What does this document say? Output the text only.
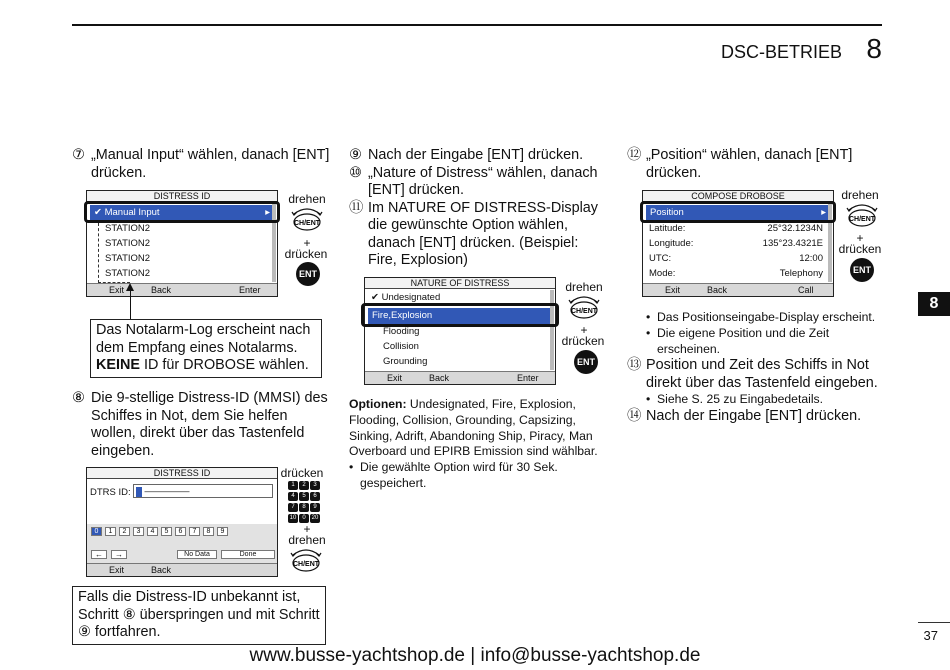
DSC-BETRIEB 8
8
37
www.busse-yachtshop.de | info@busse-yachtshop.de
⑦ „Manual Input“ wählen, danach [ENT] drücken.
DISTRESS ID
✔ Manual Input	▸
STATION2
STATION2
STATION2
STATION2
Exit	Back	Enter
drehen
CH/ENT
+
drücken
ENT
Das Notalarm-Log erscheint nach dem Empfang eines Notalarms. KEINE ID für DROBOSE wählen.
⑧ Die 9-stellige Distress-ID (MMSI) des Schiffes in Not, dem Sie helfen wollen, direkt über das Tastenfeld eingeben.
DISTRESS ID
DTRS ID:	–––––––––
0	1	2	3	4	5	6	7	8	9
←	→	No Data	Done
Exit	Back
drücken
1	2	3
4	5	6
7	8	9
10 0 20
+
drehen
CH/ENT
Falls die Distress-ID unbekannt ist, Schritt ⑧ überspringen und mit Schritt ⑨ fortfahren.
⑨ Nach der Eingabe [ENT] drücken.
⑩ „Nature of Distress“ wählen, danach [ENT] drücken.
⑪ Im NATURE OF DISTRESS-Display die gewünschte Option wählen, danach [ENT] drücken. (Beispiel: Fire, Explosion)
NATURE OF DISTRESS
✔ Undesignated
Fire,Explosion
Flooding
Collision
Grounding
Exit	Back	Enter
drehen
CH/ENT
+
drücken
ENT
Optionen: Undesignated, Fire, Explosion, Flooding, Collision, Grounding, Capsizing, Sinking, Adrift, Abandoning Ship, Piracy, Man Overboard und EPIRB Emission sind wählbar.
• Die gewählte Option wird für 30 Sek. gespeichert.
⑫ „Position“ wählen, danach [ENT] drücken.
COMPOSE DROBOSE
Position	▸
Latitude:	25°32.1234N
Longitude:	135°23.4321E
UTC:	12:00
Mode:	Telephony
Exit	Back	Call
drehen
CH/ENT
+
drücken
ENT
• Das Positionseingabe-Display erscheint.
• Die eigene Position und die Zeit erscheinen.
⑬ Position und Zeit des Schiffs in Not direkt über das Tastenfeld eingeben.
• Siehe S. 25 zu Eingabedetails.
⑭ Nach der Eingabe [ENT] drücken.
